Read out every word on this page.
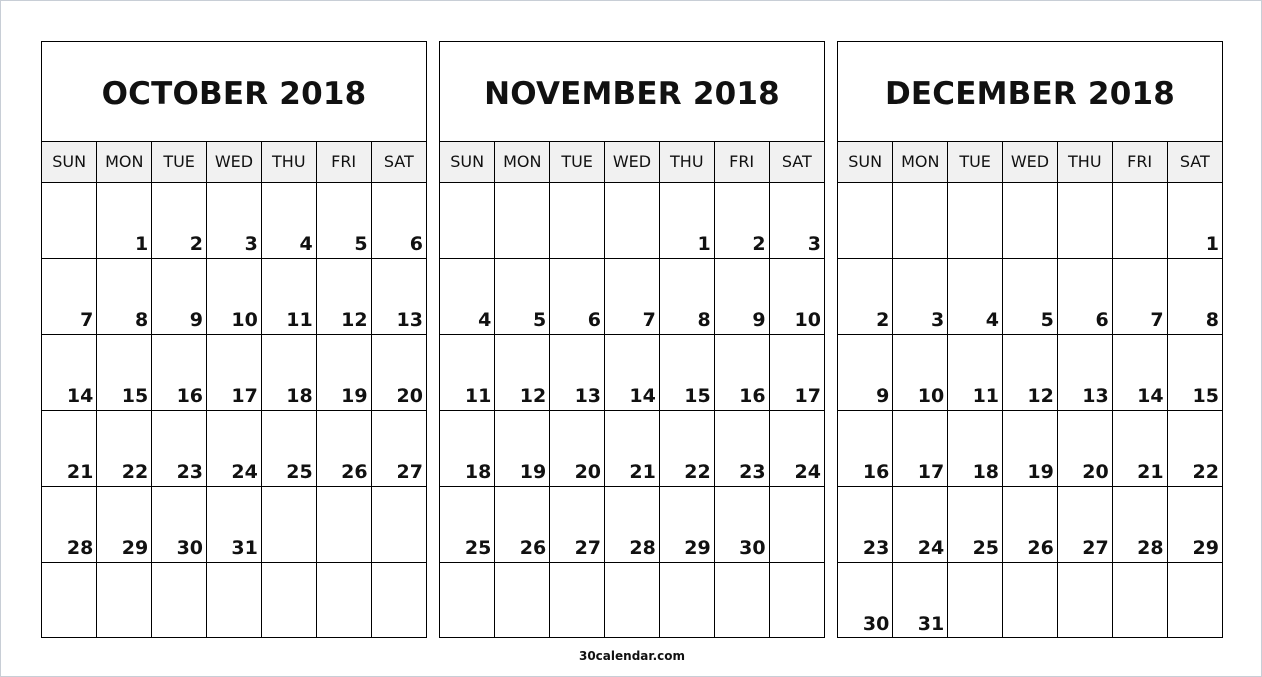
OCTOBER 2018
SUN	MON	TUE	WED	THU	FRI	SAT
	1	2	3	4	5	6
7	8	9	10	11	12	13
14	15	16	17	18	19	20
21	22	23	24	25	26	27
28	29	30	31			

NOVEMBER 2018
SUN	MON	TUE	WED	THU	FRI	SAT
				1	2	3
4	5	6	7	8	9	10
11	12	13	14	15	16	17
18	19	20	21	22	23	24
25	26	27	28	29	30	

DECEMBER 2018
SUN	MON	TUE	WED	THU	FRI	SAT
						1
2	3	4	5	6	7	8
9	10	11	12	13	14	15
16	17	18	19	20	21	22
23	24	25	26	27	28	29
30	31					
30calendar.com
